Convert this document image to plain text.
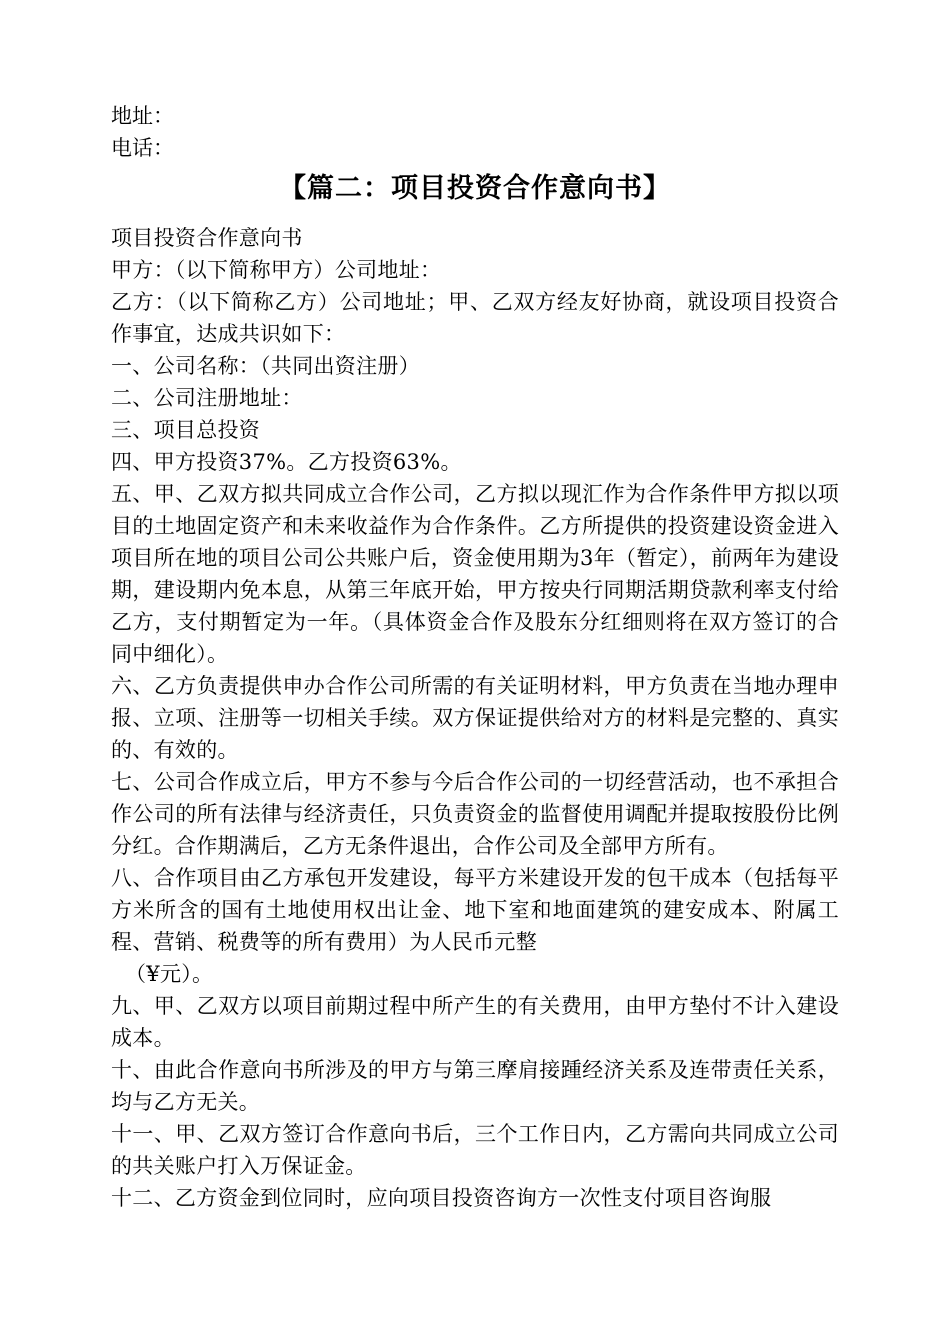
地址：
电话：
【篇二：项目投资合作意向书】
项目投资合作意向书
甲方：（以下简称甲方）公司地址：
乙方：（以下简称乙方）公司地址；甲、乙双方经友好协商，就设项目投资合作事宜，达成共识如下：
一、公司名称：（共同出资注册）
二、公司注册地址：
三、项目总投资
四、甲方投资37%。乙方投资63%。
五、甲、乙双方拟共同成立合作公司，乙方拟以现汇作为合作条件甲方拟以项目的土地固定资产和未来收益作为合作条件。乙方所提供的投资建设资金进入项目所在地的项目公司公共账户后，资金使用期为3年（暂定），前两年为建设期，建设期内免本息，从第三年底开始，甲方按央行同期活期贷款利率支付给乙方，支付期暂定为一年。（具体资金合作及股东分红细则将在双方签订的合同中细化）。
六、乙方负责提供申办合作公司所需的有关证明材料，甲方负责在当地办理申报、立项、注册等一切相关手续。双方保证提供给对方的材料是完整的、真实的、有效的。
七、公司合作成立后，甲方不参与今后合作公司的一切经营活动，也不承担合作公司的所有法律与经济责任，只负责资金的监督使用调配并提取按股份比例分红。合作期满后，乙方无条件退出，合作公司及全部甲方所有。
八、合作项目由乙方承包开发建设，每平方米建设开发的包干成本（包括每平方米所含的国有土地使用权出让金、地下室和地面建筑的建安成本、附属工程、营销、税费等的所有费用）为人民币元整
（¥元）。
九、甲、乙双方以项目前期过程中所产生的有关费用，由甲方垫付不计入建设成本。
十、由此合作意向书所涉及的甲方与第三摩肩接踵经济关系及连带责任关系，均与乙方无关。
十一、甲、乙双方签订合作意向书后，三个工作日内，乙方需向共同成立公司的共关账户打入万保证金。
十二、乙方资金到位同时，应向项目投资咨询方一次性支付项目咨询服
